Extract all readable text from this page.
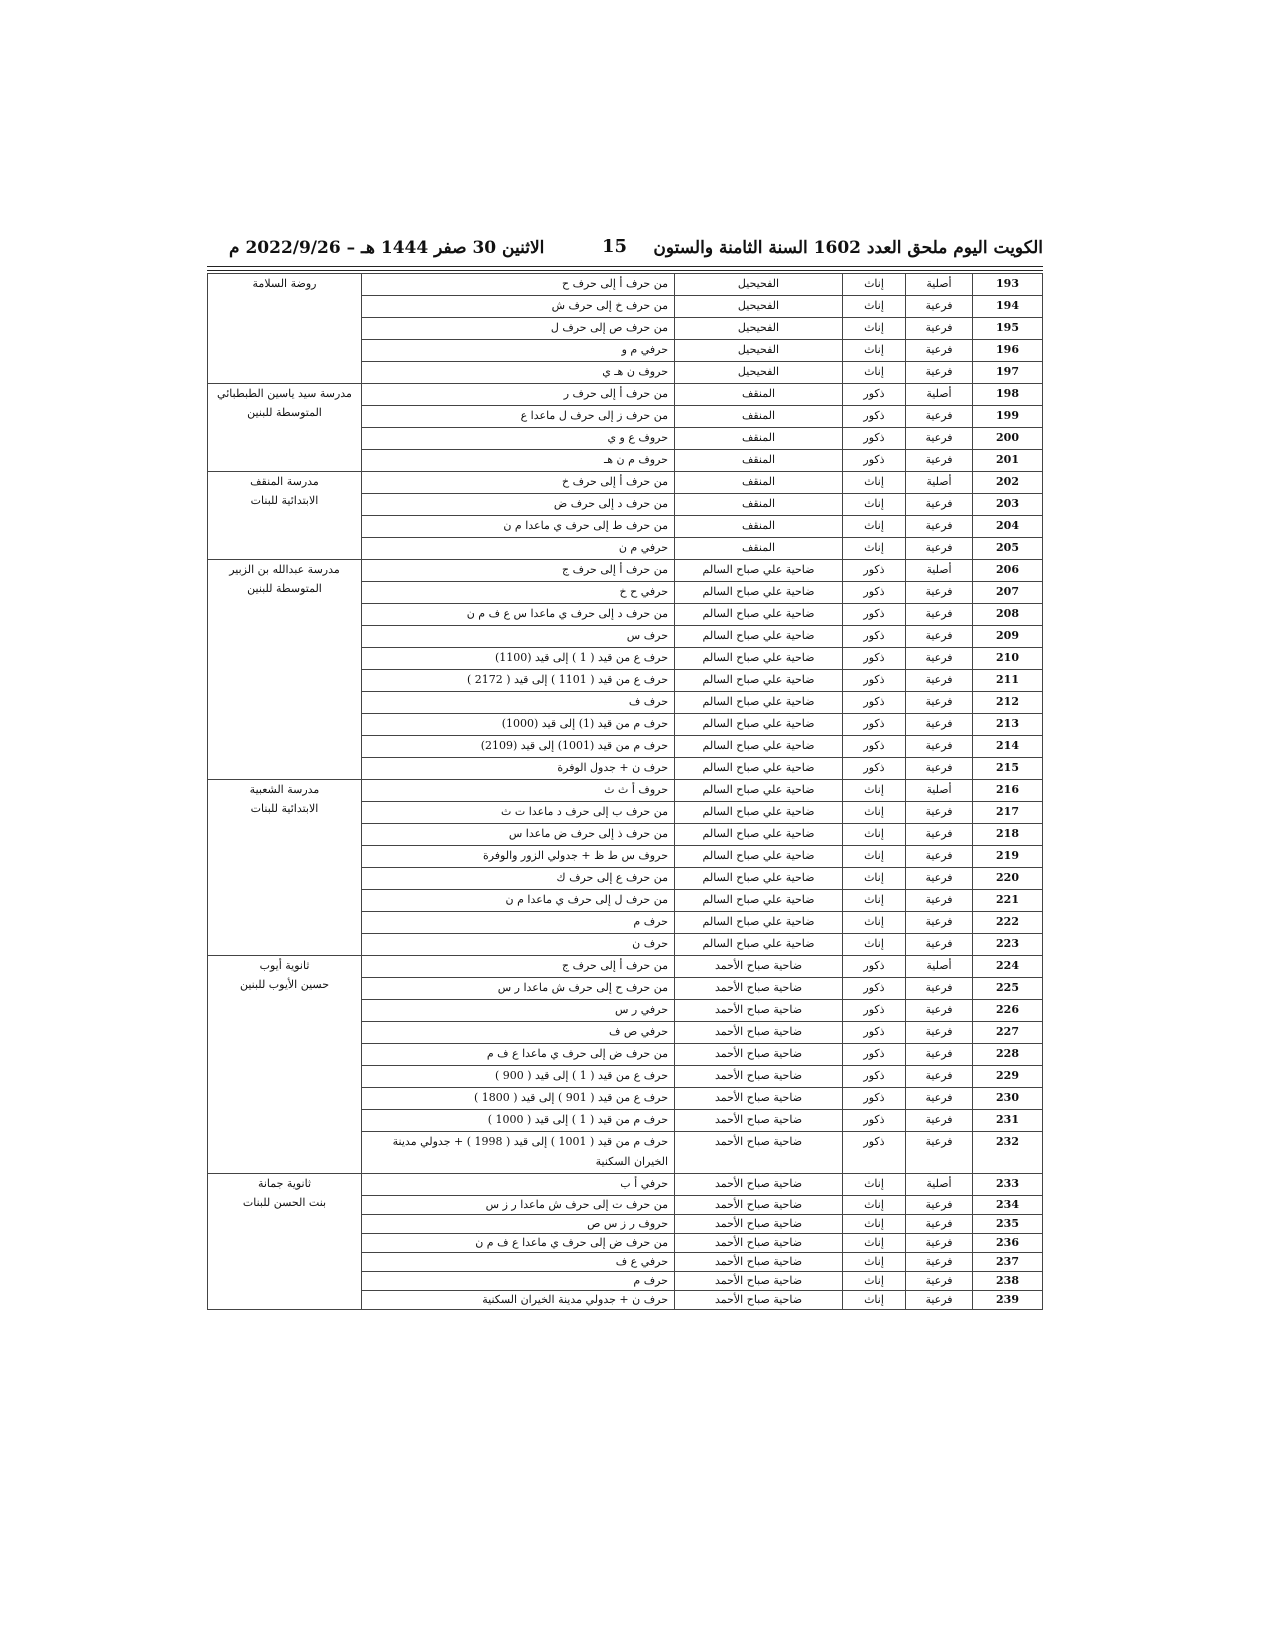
الكويت اليوم ملحق العدد 1602 السنة الثامنة والستون
15
الاثنين 30 صفر 1444 هـ – 2022/9/26 م
193	أصلية	إناث	الفحيحيل	من حرف أ إلى حرف ح	روضة السلامة

194	فرعية	إناث	الفحيحيل	من حرف خ إلى حرف ش	
195	فرعية	إناث	الفحيحيل	من حرف ص إلى حرف ل	
196	فرعية	إناث	الفحيحيل	حرفي م و	
197	فرعية	إناث	الفحيحيل	حروف ن هـ ي	
198	أصلية	ذكور	المنقف	من حرف أ إلى حرف ر	مدرسة سيد ياسين الطبطبائي
المتوسطة للبنين

199	فرعية	ذكور	المنقف	من حرف ز إلى حرف ل ماعدا ع	
200	فرعية	ذكور	المنقف	حروف ع و ي	
201	فرعية	ذكور	المنقف	حروف م ن هـ	
202	أصلية	إناث	المنقف	من حرف أ إلى حرف خ	مدرسة المنقف
الابتدائية للبنات

203	فرعية	إناث	المنقف	من حرف د إلى حرف ض	
204	فرعية	إناث	المنقف	من حرف ط إلى حرف ي ماعدا م ن	
205	فرعية	إناث	المنقف	حرفي م ن	
206	أصلية	ذكور	ضاحية علي صباح السالم	من حرف أ إلى حرف ج	مدرسة عبدالله بن الزبير
المتوسطة للبنين

207	فرعية	ذكور	ضاحية علي صباح السالم	حرفي ح خ	
208	فرعية	ذكور	ضاحية علي صباح السالم	من حرف د إلى حرف ي ماعدا س ع ف م ن	
209	فرعية	ذكور	ضاحية علي صباح السالم	حرف س	
210	فرعية	ذكور	ضاحية علي صباح السالم	حرف ع من قيد ( 1 ) إلى قيد (1100)	
211	فرعية	ذكور	ضاحية علي صباح السالم	حرف ع من قيد ( 1101 ) إلى قيد ( 2172 )	
212	فرعية	ذكور	ضاحية علي صباح السالم	حرف ف	
213	فرعية	ذكور	ضاحية علي صباح السالم	حرف م من قيد (1) إلى قيد (1000)	
214	فرعية	ذكور	ضاحية علي صباح السالم	حرف م من قيد (1001) إلى قيد (2109)	
215	فرعية	ذكور	ضاحية علي صباح السالم	حرف ن + جدول الوفرة	
216	أصلية	إناث	ضاحية علي صباح السالم	حروف أ ث ث	مدرسة الشعبية
الابتدائية للبنات

217	فرعية	إناث	ضاحية علي صباح السالم	من حرف ب إلى حرف د ماعدا ت ث	
218	فرعية	إناث	ضاحية علي صباح السالم	من حرف ذ إلى حرف ض ماعدا س	
219	فرعية	إناث	ضاحية علي صباح السالم	حروف س ط ظ + جدولي الزور والوفرة	
220	فرعية	إناث	ضاحية علي صباح السالم	من حرف ع إلى حرف ك	
221	فرعية	إناث	ضاحية علي صباح السالم	من حرف ل إلى حرف ي ماعدا م ن	
222	فرعية	إناث	ضاحية علي صباح السالم	حرف م	
223	فرعية	إناث	ضاحية علي صباح السالم	حرف ن	
224	أصلية	ذكور	ضاحية صباح الأحمد	من حرف أ إلى حرف ج	ثانوية أيوب
حسين الأيوب للبنين

225	فرعية	ذكور	ضاحية صباح الأحمد	من حرف ح إلى حرف ش ماعدا ر س	
226	فرعية	ذكور	ضاحية صباح الأحمد	حرفي ر س	
227	فرعية	ذكور	ضاحية صباح الأحمد	حرفي ص ف	
228	فرعية	ذكور	ضاحية صباح الأحمد	من حرف ض إلى حرف ي ماعدا ع ف م	
229	فرعية	ذكور	ضاحية صباح الأحمد	حرف ع من قيد ( 1 ) إلى قيد ( 900 )	
230	فرعية	ذكور	ضاحية صباح الأحمد	حرف ع من قيد ( 901 ) إلى قيد ( 1800 )	
231	فرعية	ذكور	ضاحية صباح الأحمد	حرف م من قيد ( 1 ) إلى قيد ( 1000 )	
232	فرعية	ذكور	ضاحية صباح الأحمد	حرف م من قيد ( 1001 ) إلى قيد ( 1998 ) + جدولي مدينة الخيران السكنية	
233	أصلية	إناث	ضاحية صباح الأحمد	حرفي أ ب	ثانوية جمانة
بنت الحسن للبنات

234	فرعية	إناث	ضاحية صباح الأحمد	من حرف ت إلى حرف ش ماعدا ر ز س	
235	فرعية	إناث	ضاحية صباح الأحمد	حروف ر ز س ص	
236	فرعية	إناث	ضاحية صباح الأحمد	من حرف ض إلى حرف ي ماعدا ع ف م ن	
237	فرعية	إناث	ضاحية صباح الأحمد	حرفي ع ف	
238	فرعية	إناث	ضاحية صباح الأحمد	حرف م	
239	فرعية	إناث	ضاحية صباح الأحمد	حرف ن + جدولي مدينة الخيران السكنية	
